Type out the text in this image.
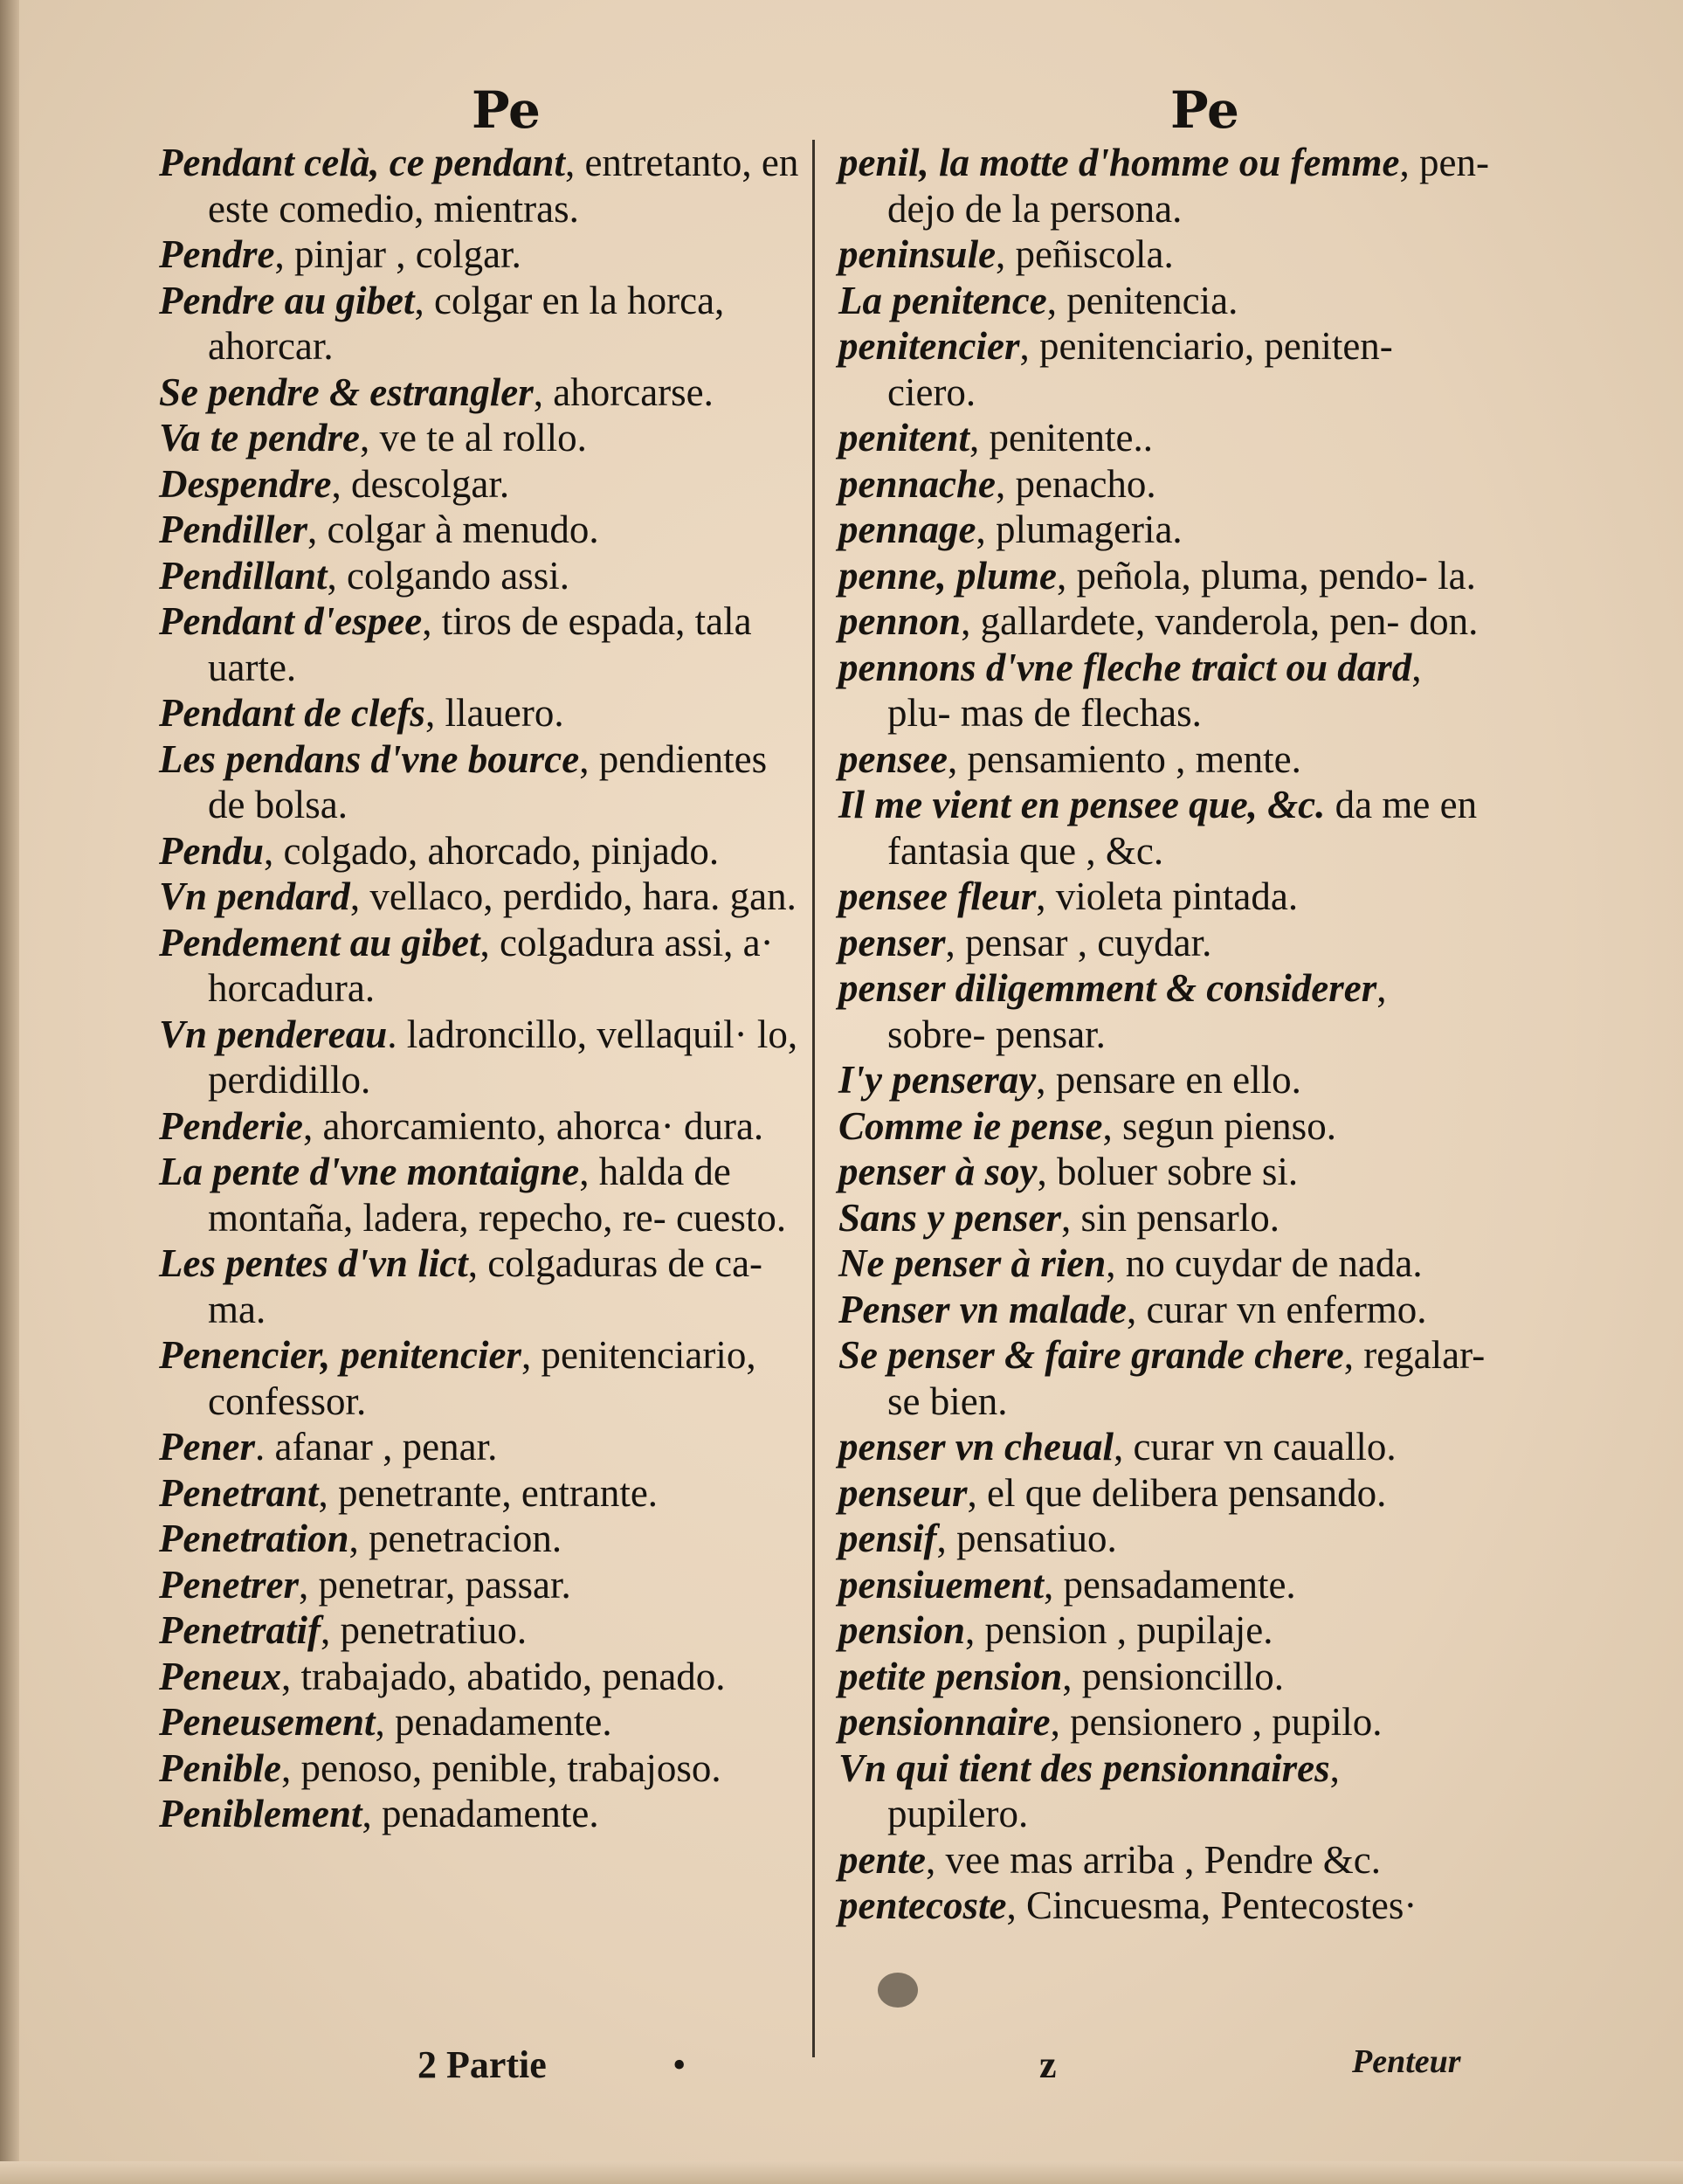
Pe	Pe

Pendant celà, ce pendant, entretanto, en este comedio, mientras.

Pendre, pinjar , colgar.

Pendre au gibet, colgar en la horca, ahorcar.

Se pendre & estrangler, ahorcarse.

Va te pendre, ve te al rollo.

Despendre, descolgar.

Pendiller, colgar à menudo.

Pendillant, colgando assi.

Pendant d'espee, tiros de espada, tala uarte.

Pendant de clefs, llauero.

Les pendans d'vne bource, pendientes de bolsa.

Pendu, colgado, ahorcado, pinjado.

Vn pendard, vellaco, perdido, hara. gan.

Pendement au gibet, colgadura assi, a· horcadura.

Vn pendereau. ladroncillo, vellaquil· lo, perdidillo.

Penderie, ahorcamiento, ahorca· dura.

La pente d'vne montaigne, halda de montaña, ladera, repecho, re- cuesto.

Les pentes d'vn lict, colgaduras de ca- ma.

Penencier, penitencier, penitenciario, confessor.

Pener. afanar , penar.

Penetrant, penetrante, entrante.

Penetration, penetracion.

Penetrer, penetrar, passar.

Penetratif, penetratiuo.

Peneux, trabajado, abatido, penado.

Peneusement, penadamente.

Penible, penoso, penible, trabajoso.

Peniblement, penadamente.

penil, la motte d'homme ou femme, pen- dejo de la persona.

peninsule, peñiscola.

La penitence, penitencia.

penitencier, penitenciario, peniten- ciero.

penitent, penitente..

pennache, penacho.

pennage, plumageria.

penne, plume, peñola, pluma, pendo- la.

pennon, gallardete, vanderola, pen- don.

pennons d'vne fleche traict ou dard, plu- mas de flechas.

pensee, pensamiento , mente.

Il me vient en pensee que, &c. da me en fantasia que , &c.

pensee fleur, violeta pintada.

penser, pensar , cuydar.

penser diligemment & considerer, sobre- pensar.

I'y penseray, pensare en ello.

Comme ie pense, segun pienso.

penser à soy, boluer sobre si.

Sans y penser, sin pensarlo.

Ne penser à rien, no cuydar de nada.

Penser vn malade, curar vn enfermo.

Se penser & faire grande chere, regalar- se bien.

penser vn cheual, curar vn cauallo.

penseur, el que delibera pensando.

pensif, pensatiuo.

pensiuement, pensadamente.

pension, pension , pupilaje.

petite pension, pensioncillo.

pensionnaire, pensionero , pupilo.

Vn qui tient des pensionnaires, pupilero.

pente, vee mas arriba , Pendre &c.

pentecoste, Cincuesma, Pentecostes·

2 Partie	•	z	Penteur
